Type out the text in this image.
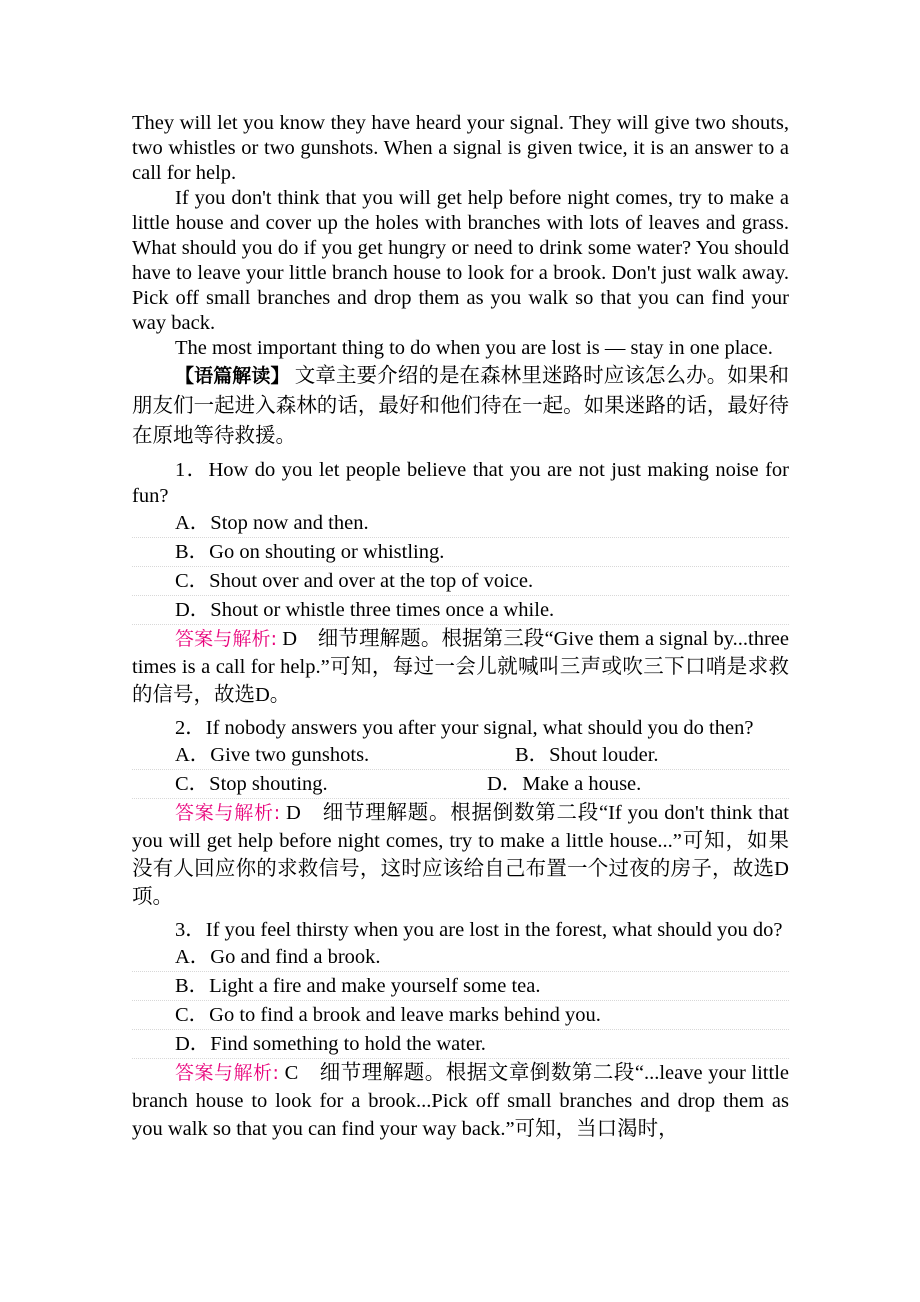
They will let you know they have heard your signal. They will give two shouts, two whistles or two gunshots. When a signal is given twice, it is an answer to a call for help.

If you don't think that you will get help before night comes, try to make a little house and cover up the holes with branches with lots of leaves and grass. What should you do if you get hungry or need to drink some water? You should have to leave your little branch house to look for a brook. Don't just walk away. Pick off small branches and drop them as you walk so that you can find your way back.

The most important thing to do when you are lost is — stay in one place.

【语篇解读】 文章主要介绍的是在森林里迷路时应该怎么办。如果和朋友们一起进入森林的话，最好和他们待在一起。如果迷路的话，最好待在原地等待救援。

1．How do you let people believe that you are not just making noise for fun?

A．Stop now and then.
B．Go on shouting or whistling.
C．Shout over and over at the top of voice.
D．Shout or whistle three times once a while.

答案与解析: D　细节理解题。根据第三段“Give them a signal by...three times is a call for help.”可知，每过一会儿就喊叫三声或吹三下口哨是求救的信号，故选D。

2．If nobody answers you after your signal, what should you do then?

A．Give two gunshots.	B．Shout louder.
C．Stop shouting.	D．Make a house.

答案与解析: D　细节理解题。根据倒数第二段“If you don't think that you will get help before night comes, try to make a little house...”可知，如果没有人回应你的求救信号，这时应该给自己布置一个过夜的房子，故选D项。

3．If you feel thirsty when you are lost in the forest, what should you do?

A．Go and find a brook.
B．Light a fire and make yourself some tea.
C．Go to find a brook and leave marks behind you.
D．Find something to hold the water.

答案与解析: C　细节理解题。根据文章倒数第二段“...leave your little branch house to look for a brook...Pick off small branches and drop them as you walk so that you can find your way back.”可知，当口渴时，
